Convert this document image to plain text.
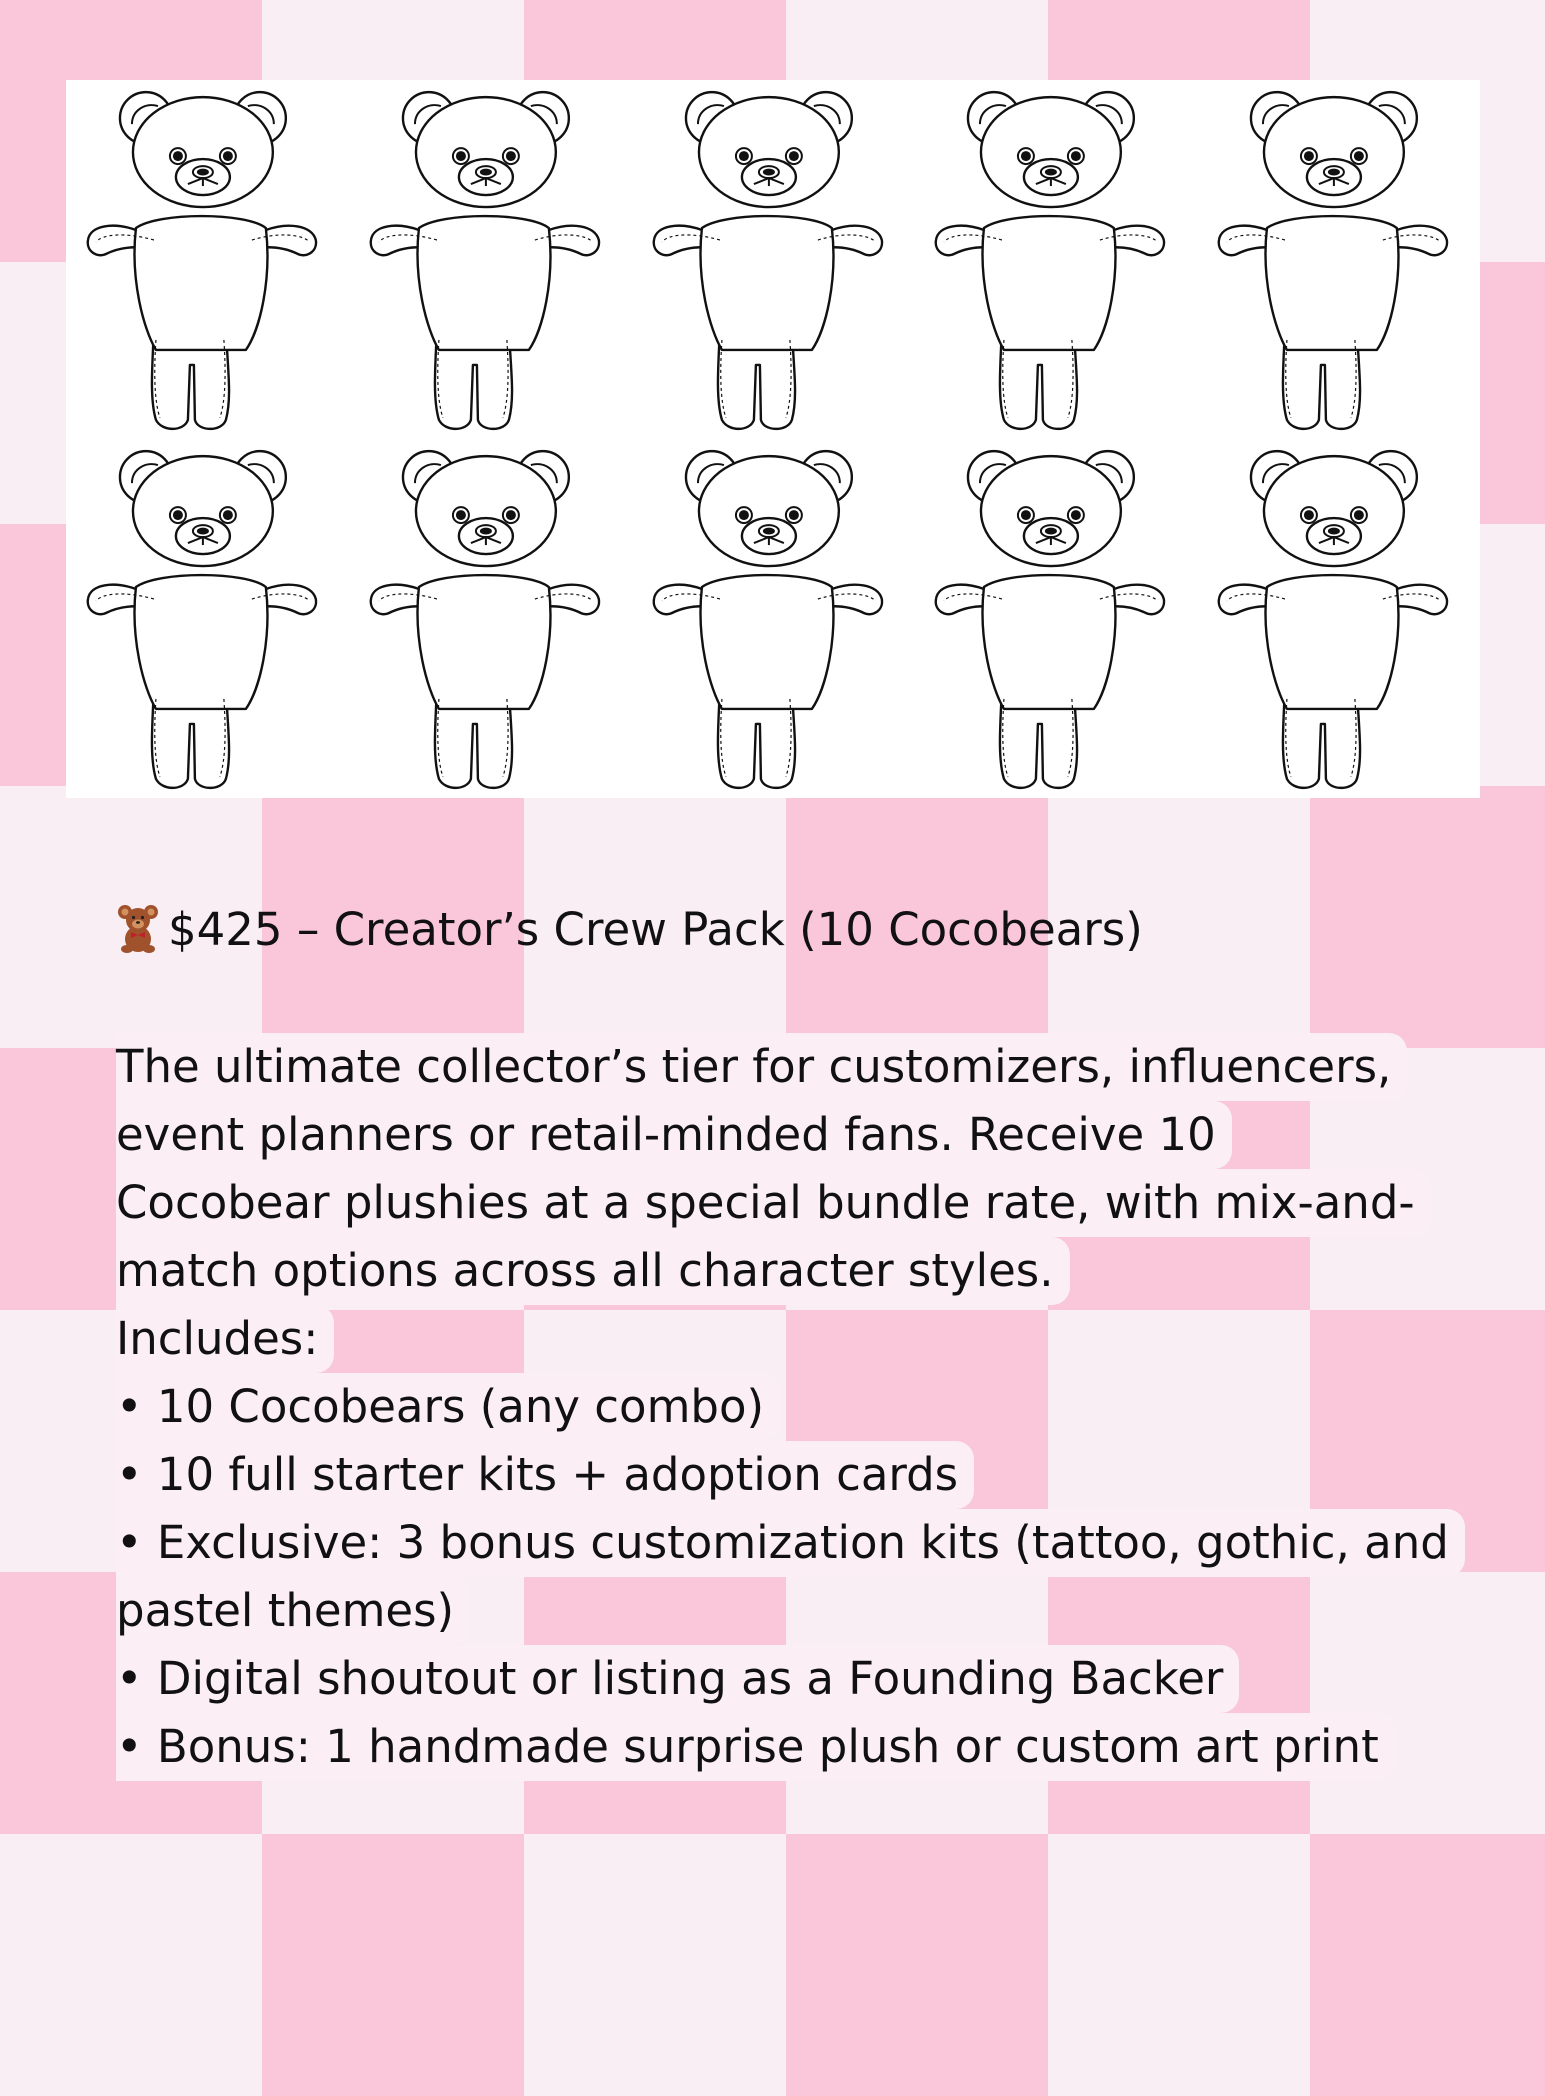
$425 – Creator’s Crew Pack (10 Cocobears)
The ultimate collector’s tier for customizers, influencers,
event planners or retail-minded fans. Receive 10
Cocobear plushies at a special bundle rate, with mix-and-
match options across all character styles.
Includes:
• 10 Cocobears (any combo)
• 10 full starter kits + adoption cards
• Exclusive: 3 bonus customization kits (tattoo, gothic, and
pastel themes)
• Digital shoutout or listing as a Founding Backer
• Bonus: 1 handmade surprise plush or custom art print
